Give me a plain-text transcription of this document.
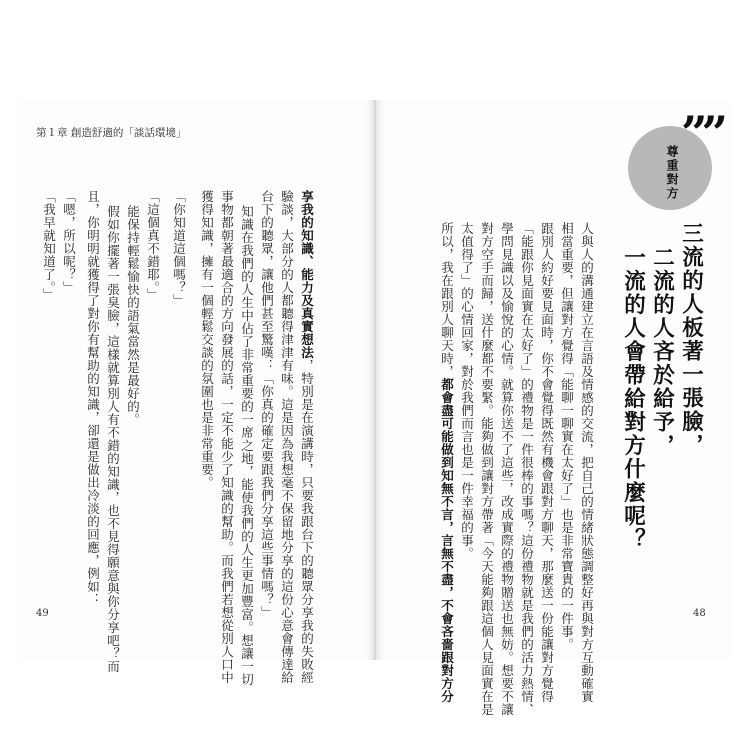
第１章 創造舒適的「談話環境」
尊重對方
””
三流的人板著一張臉，
二流的人吝於給予，
一流的人會帶給對方什麼呢？
人與人的溝通建立在言語及情感的交流，把自己的情緒狀態調整好再與對方互動確實
相當重要，但讓對方覺得「能聊一聊實在太好了」也是非常寶貴的一件事。
跟別人約好要見面時，你不會覺得既然有機會跟對方聊天，那麼送一份能讓對方覺得
「能跟你見面實在太好了」的禮物是一件很棒的事嗎？這份禮物就是我們的活力熱情、
學問見識以及愉悅的心情。就算你送不了這些，改成實際的禮物贈送也無妨。想要不讓
對方空手而歸，送什麼都不要緊。能夠做到讓對方帶著「今天能夠跟這個人見面實在是
太值得了」的心情回家，對於我們而言也是一件幸福的事。
所以，我在跟別人聊天時，都會盡可能做到知無不言，言無不盡，不會吝嗇跟對方分
享我的知識、能力及真實想法，特別是在演講時，只要我跟台下的聽眾分享我的失敗經
驗談，大部分的人都聽得津津有味。這是因為我想毫不保留地分享的這份心意會傳達給
台下的聽眾，讓他們甚至驚嘆：「你真的確定要跟我們分享這些事情嗎？」
知識在我們的人生中佔了非常重要的一席之地，能使我們的人生更加豐富。想讓一切
事物都朝著最適合的方向發展的話，一定不能少了知識的幫助。而我們若想從別人口中
獲得知識，擁有一個輕鬆交談的氛圍也是非常重要。
「你知道這個嗎？」
「這個真不錯耶。」
能保持輕鬆愉快的語氣當然是最好的。
假如你擺著一張臭臉，這樣就算別人有不錯的知識，也不見得願意與你分享吧？而
且，你明明就獲得了對你有幫助的知識，卻還是做出冷淡的回應，例如：
「嗯，所以呢？」
「我早就知道了。」
49	48
